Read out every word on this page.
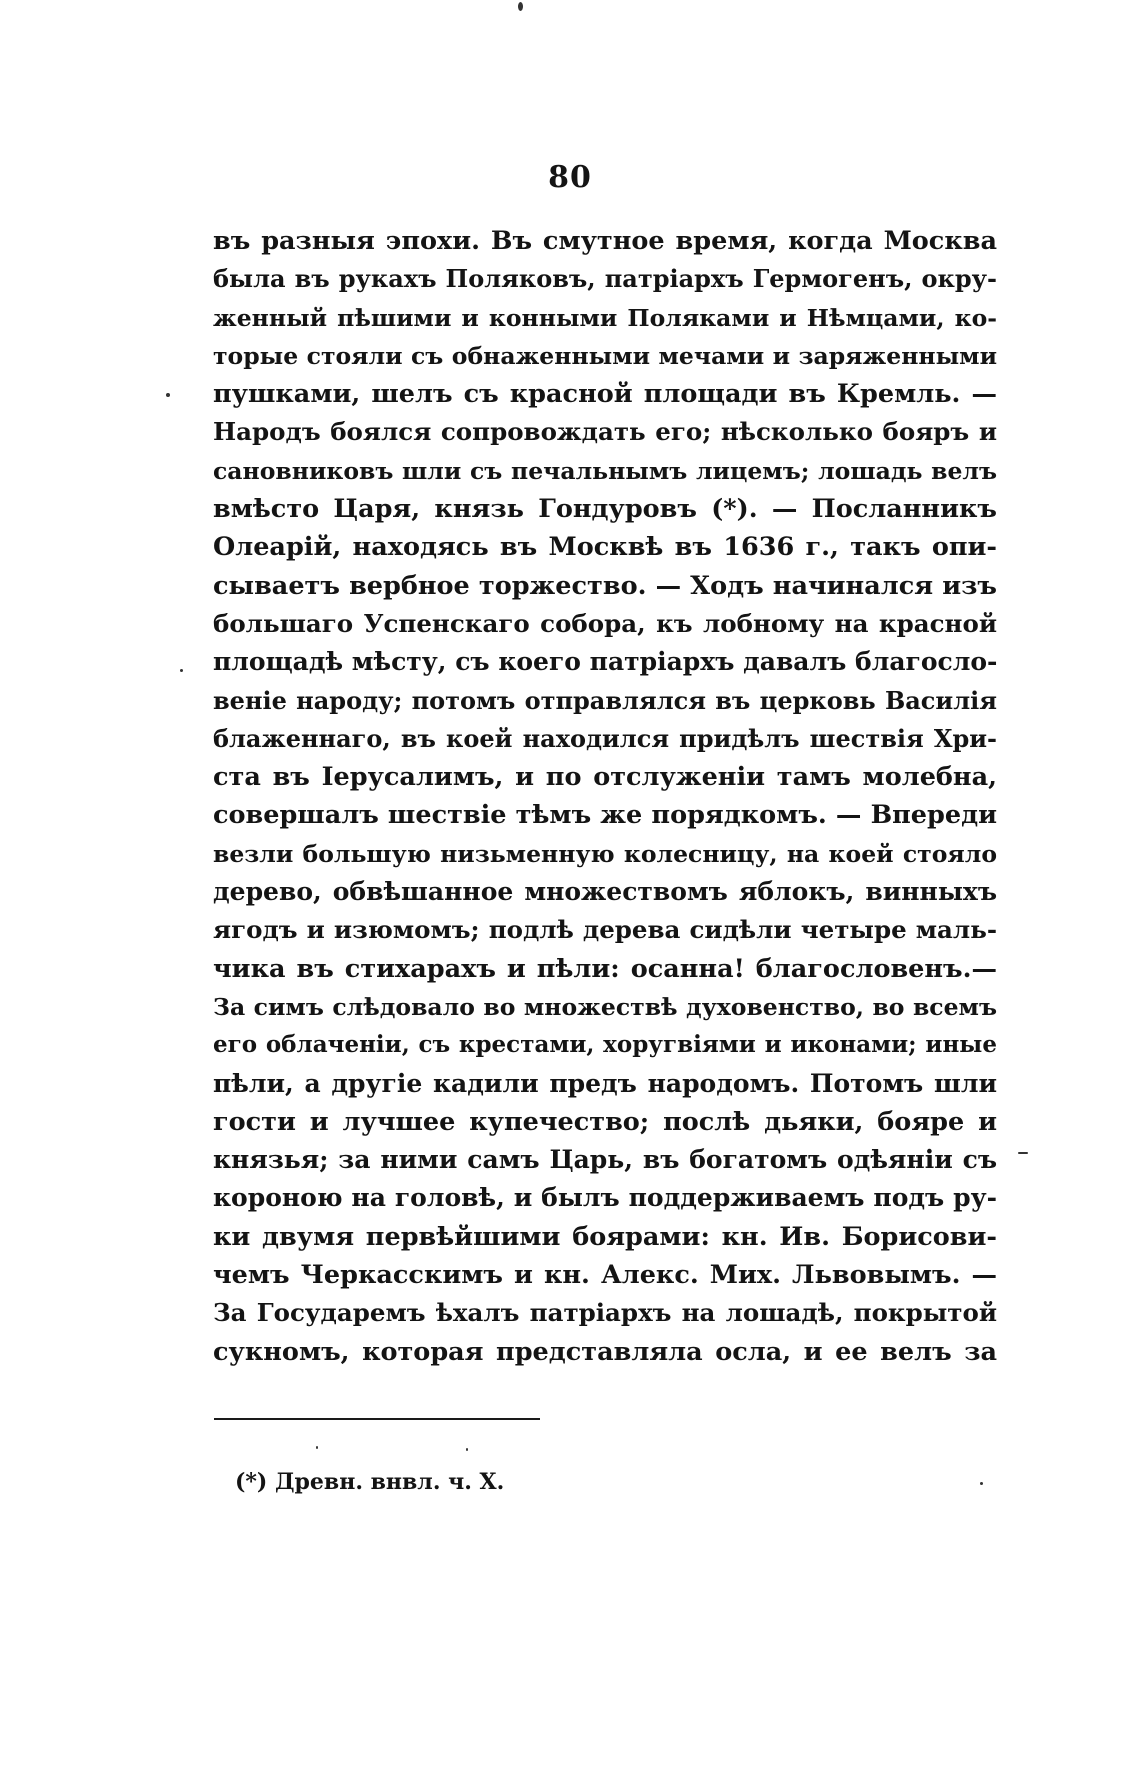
80
въ разныя эпохи. Въ смутное время, когда Москва
была въ рукахъ Поляковъ, патріархъ Гермогенъ, окру-
женный пѣшими и конными Поляками и Нѣмцами, ко-
торые стояли съ обнаженными мечами и заряженными
пушками, шелъ съ красной площади въ Кремль. —
Народъ боялся сопровождать его; нѣсколько бояръ и
сановниковъ шли съ печальнымъ лицемъ; лошадь велъ
вмѣсто Царя, князь Гондуровъ (*). — Посланникъ
Олеарій, находясь въ Москвѣ въ 1636 г., такъ опи-
сываетъ вербное торжество. — Ходъ начинался изъ
большаго Успенскаго собора, къ лобному на красной
площадѣ мѣсту, съ коего патріархъ давалъ благосло-
веніе народу; потомъ отправлялся въ церковь Василія
блаженнаго, въ коей находился придѣлъ шествія Хри-
ста въ Іерусалимъ, и по отслуженіи тамъ молебна,
совершалъ шествіе тѣмъ же порядкомъ. — Впереди
везли большую низьменную колесницу, на коей стояло
дерево, обвѣшанное множествомъ яблокъ, винныхъ
ягодъ и изюмомъ; подлѣ дерева сидѣли четыре маль-
чика въ стихарахъ и пѣли: осанна! благословенъ.—
За симъ слѣдовало во множествѣ духовенство, во всемъ
его облаченіи, съ крестами, хоругвіями и иконами; иные
пѣли, а другіе кадили предъ народомъ. Потомъ шли
гости и лучшее купечество; послѣ дьяки, бояре и
князья; за ними самъ Царь, въ богатомъ одѣяніи съ
короною на головѣ, и былъ поддерживаемъ подъ ру-
ки двумя первѣйшими боярами: кн. Ив. Борисови-
чемъ Черкасскимъ и кн. Алекс. Мих. Львовымъ. —
За Государемъ ѣхалъ патріархъ на лошадѣ, покрытой
сукномъ, которая представляла осла, и ее велъ за
(*) Древн. внвл. ч. X.
